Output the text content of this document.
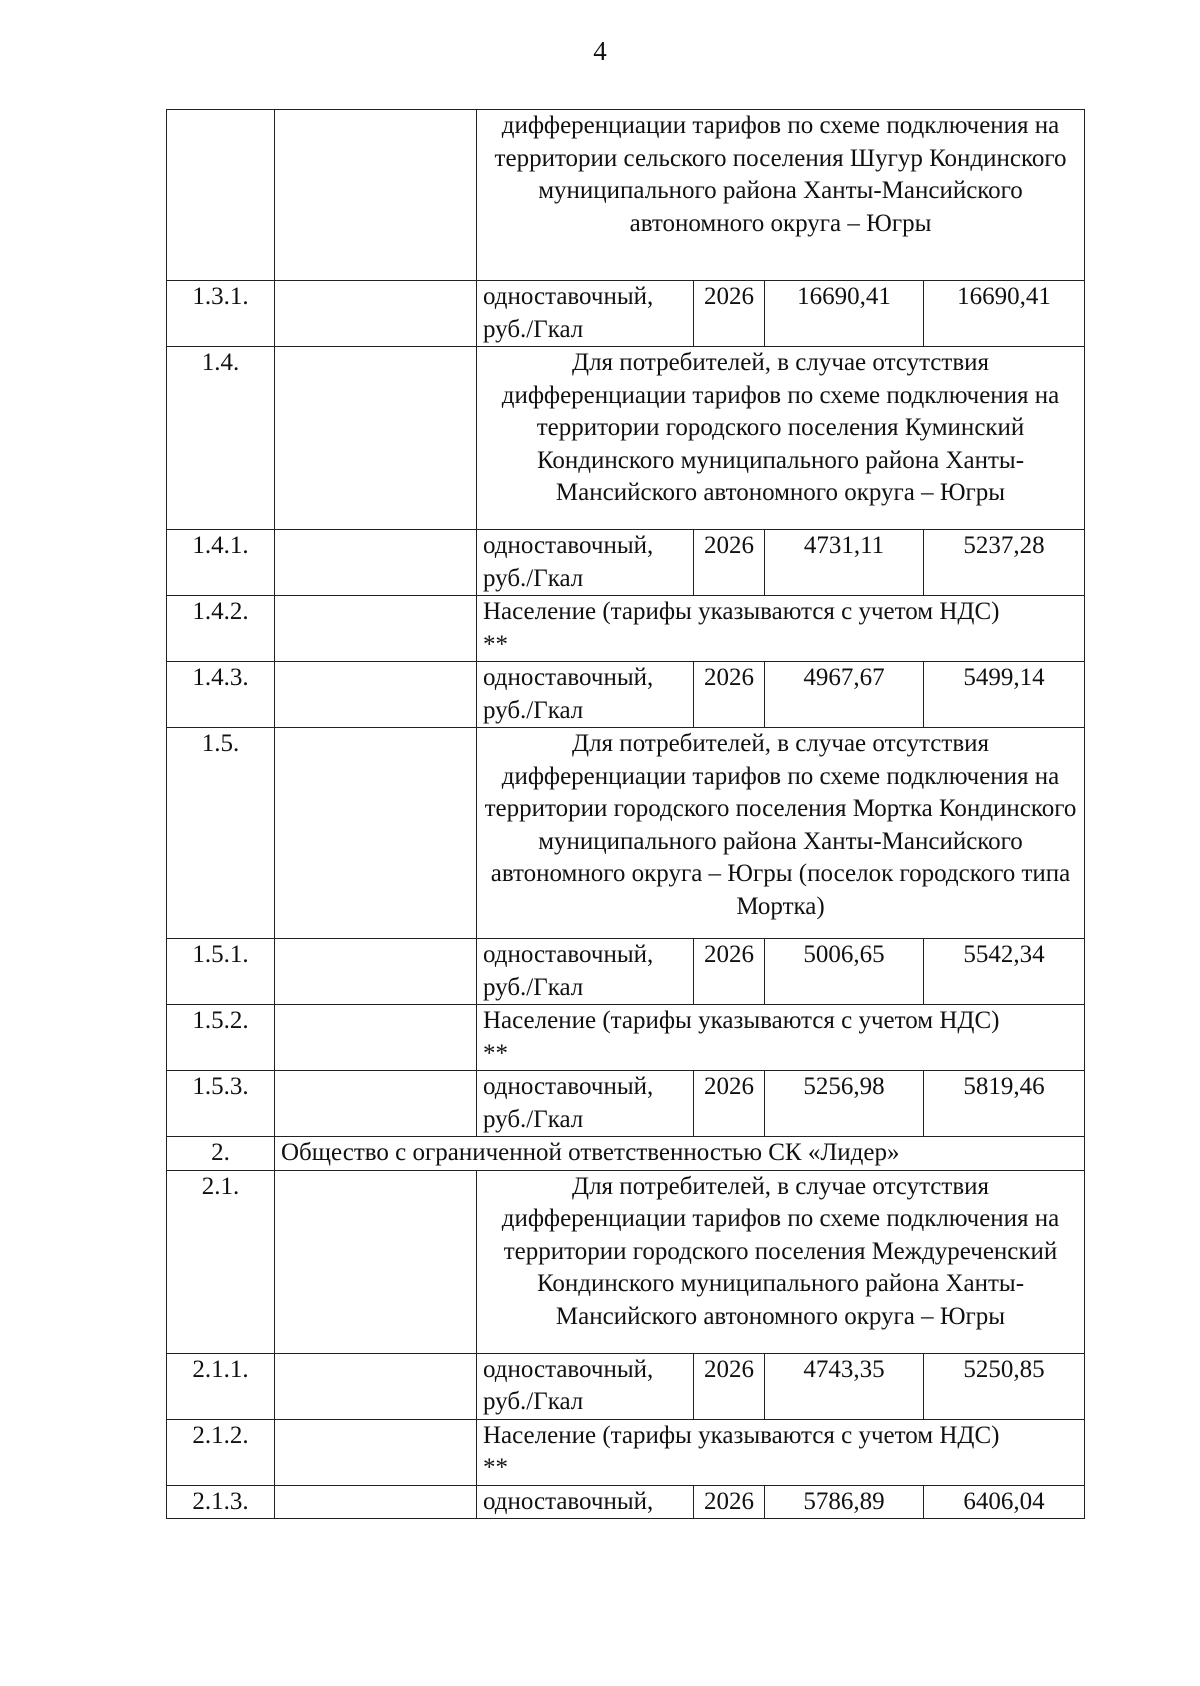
4
		дифференциации тарифов по схеме подключения на территории сельского поселения Шугур Кондинского муниципального района Ханты-Мансийского автономного округа – Югры			
1.3.1.		одноставочный,
руб./Гкал	2026	16690,41	16690,41
1.4.		Для потребителей, в случае отсутствия дифференциации тарифов по схеме подключения на территории городского поселения Куминский Кондинского муниципального района Ханты-Мансийского автономного округа – Югры			
1.4.1.		одноставочный,
руб./Гкал	2026	4731,11	5237,28
1.4.2.		Население (тарифы указываются с учетом НДС)
**			

1.4.3.		одноставочный,
руб./Гкал	2026	4967,67	5499,14
1.5.		Для потребителей, в случае отсутствия дифференциации тарифов по схеме подключения на территории городского поселения Мортка Кондинского муниципального района Ханты-Мансийского автономного округа – Югры (поселок городского типа Мортка)			
1.5.1.		одноставочный,
руб./Гкал	2026	5006,65	5542,34
1.5.2.		Население (тарифы указываются с учетом НДС)
**			

1.5.3.		одноставочный,
руб./Гкал	2026	5256,98	5819,46
2.	Общество с ограниченной ответственностью СК «Лидер»				
2.1.		Для потребителей, в случае отсутствия дифференциации тарифов по схеме подключения на территории городского поселения Междуреченский Кондинского муниципального района Ханты-Мансийского автономного округа – Югры			
2.1.1.		одноставочный,
руб./Гкал	2026	4743,35	5250,85
2.1.2.		Население (тарифы указываются с учетом НДС)
**			

2.1.3.		одноставочный,	2026	5786,89	6406,04
